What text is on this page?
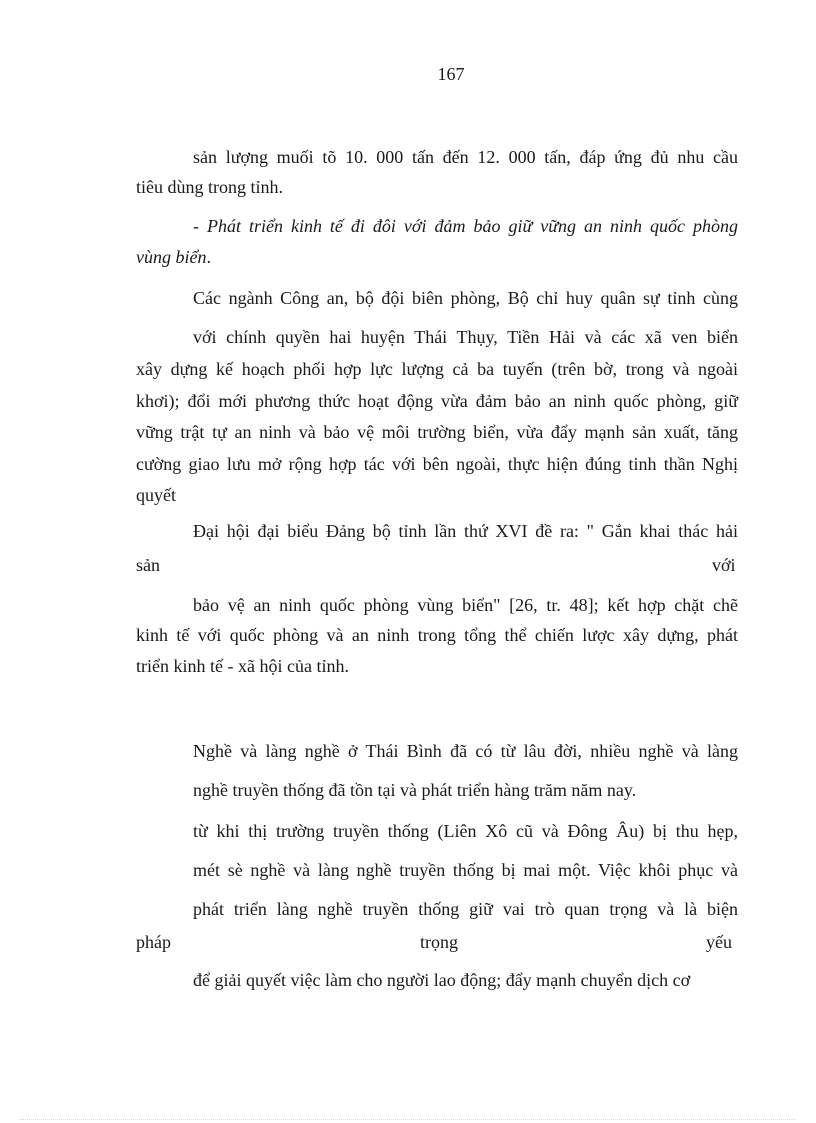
167
sản lượng muối tõ 10. 000 tấn đến 12. 000 tấn, đáp ứng đủ nhu cầu
tiêu dùng trong tỉnh.
- Phát triển kinh tế đi đôi với đảm bảo giữ vững an ninh quốc phòng
vùng biển.
Các ngành Công an, bộ đội biên phòng, Bộ chỉ huy quân sự tỉnh cùng
với chính quyền hai huyện Thái Thụy, Tiền Hải và các xã ven biển
xây dựng kế hoạch phối hợp lực lượng cả ba tuyến (trên bờ, trong và ngoài
khơi); đổi mới phương thức hoạt động vừa đảm bảo an ninh quốc phòng, giữ
vững trật tự an ninh và bảo vệ môi trường biển, vừa đẩy mạnh sản xuất, tăng
cường giao lưu mở rộng hợp tác với bên ngoài, thực hiện đúng tinh thần Nghị
quyết
Đại hội đại biểu Đảng bộ tỉnh lần thứ XVI đề ra: " Gắn khai thác hải
sản	với
bảo vệ an ninh quốc phòng vùng biển" [26, tr. 48]; kết hợp chặt chẽ
kinh tế với quốc phòng và an ninh trong tổng thể chiến lược xây dựng, phát
triển kinh tế - xã hội của tỉnh.
Nghề và làng nghề ở Thái Bình đã có từ lâu đời, nhiều nghề và làng
nghề truyền thống đã tồn tại và phát triển hàng trăm năm nay.
từ khi thị trường truyền thống (Liên Xô cũ và Đông Âu) bị thu hẹp,
mét sè nghề và làng nghề truyền thống bị mai một. Việc khôi phục và
phát triển làng nghề truyền thống giữ vai trò quan trọng và là biện
pháp	trọng	yếu
để giải quyết việc làm cho người lao động; đẩy mạnh chuyển dịch cơ
